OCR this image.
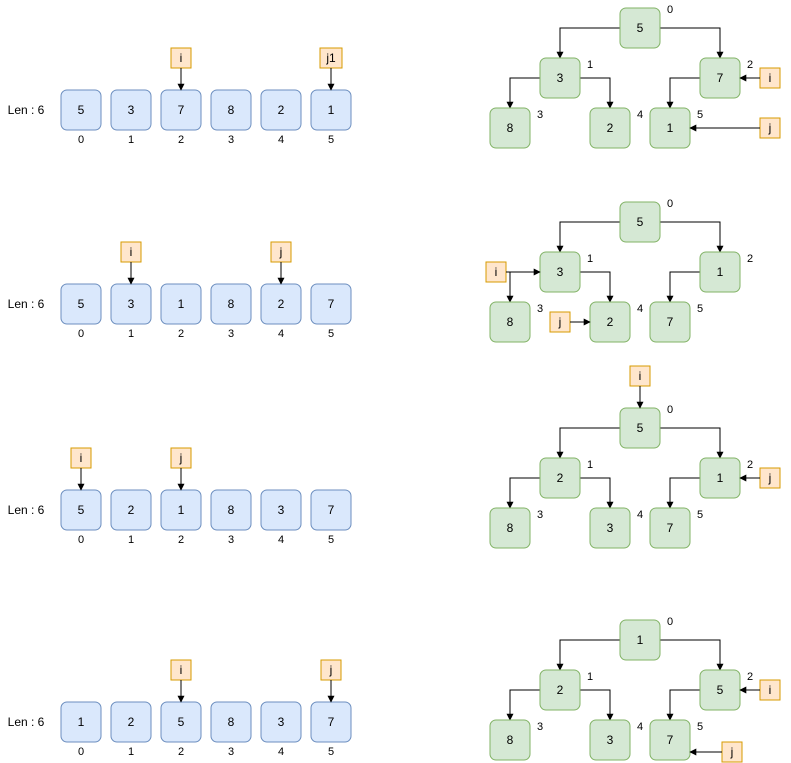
Len : 6	5
0
3
1
7
2
8
3
2
4
1
5
i	j1
5
0
3
1
7
2
8
3
2
4
1
5
i
j
Len : 6	5
0
3
1
1
2
8
3
2
4
7
5
i	j
5
0
3
1
1
2
8
3
2
4
7
5
i
j
Len : 6	5
0
2
1
1
2
8
3
3
4
7
5
i	j
5
0
2
1
1
2
8
3
3
4
7
5
i
j
Len : 6	1
0
2
1
5
2
8
3
3
4
7
5
i	j
1
0
2
1
5
2
8
3
3
4
7
5
i
j
